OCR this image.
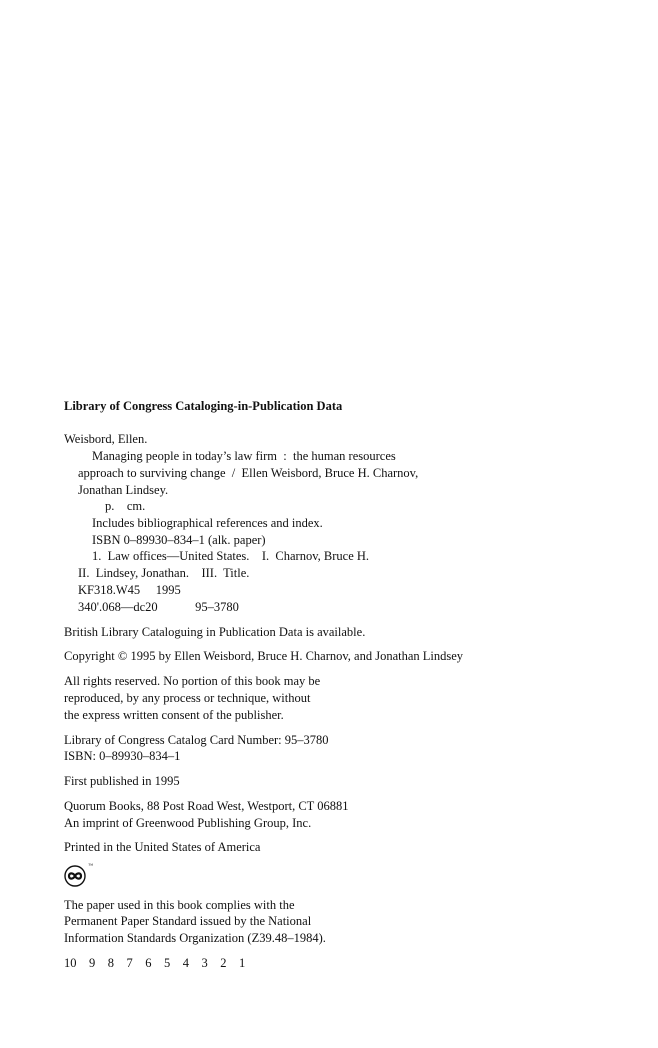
Library of Congress Cataloging-in-Publication Data
Weisbord, Ellen.
Managing people in today’s law firm  :  the human resources
approach to surviving change  /  Ellen Weisbord, Bruce H. Charnov,
Jonathan Lindsey.
p.    cm.
Includes bibliographical references and index.
ISBN 0–89930–834–1 (alk. paper)
1.  Law offices—United States.    I.  Charnov, Bruce H.
II.  Lindsey, Jonathan.    III.  Title.
KF318.W45     1995
340'.068—dc20            95–3780
British Library Cataloguing in Publication Data is available.
Copyright © 1995 by Ellen Weisbord, Bruce H. Charnov, and Jonathan Lindsey
All rights reserved. No portion of this book may be
reproduced, by any process or technique, without
the express written consent of the publisher.
Library of Congress Catalog Card Number: 95–3780
ISBN: 0–89930–834–1
First published in 1995
Quorum Books, 88 Post Road West, Westport, CT 06881
An imprint of Greenwood Publishing Group, Inc.
Printed in the United States of America
™
The paper used in this book complies with the
Permanent Paper Standard issued by the National
Information Standards Organization (Z39.48–1984).
10    9    8    7    6    5    4    3    2    1
